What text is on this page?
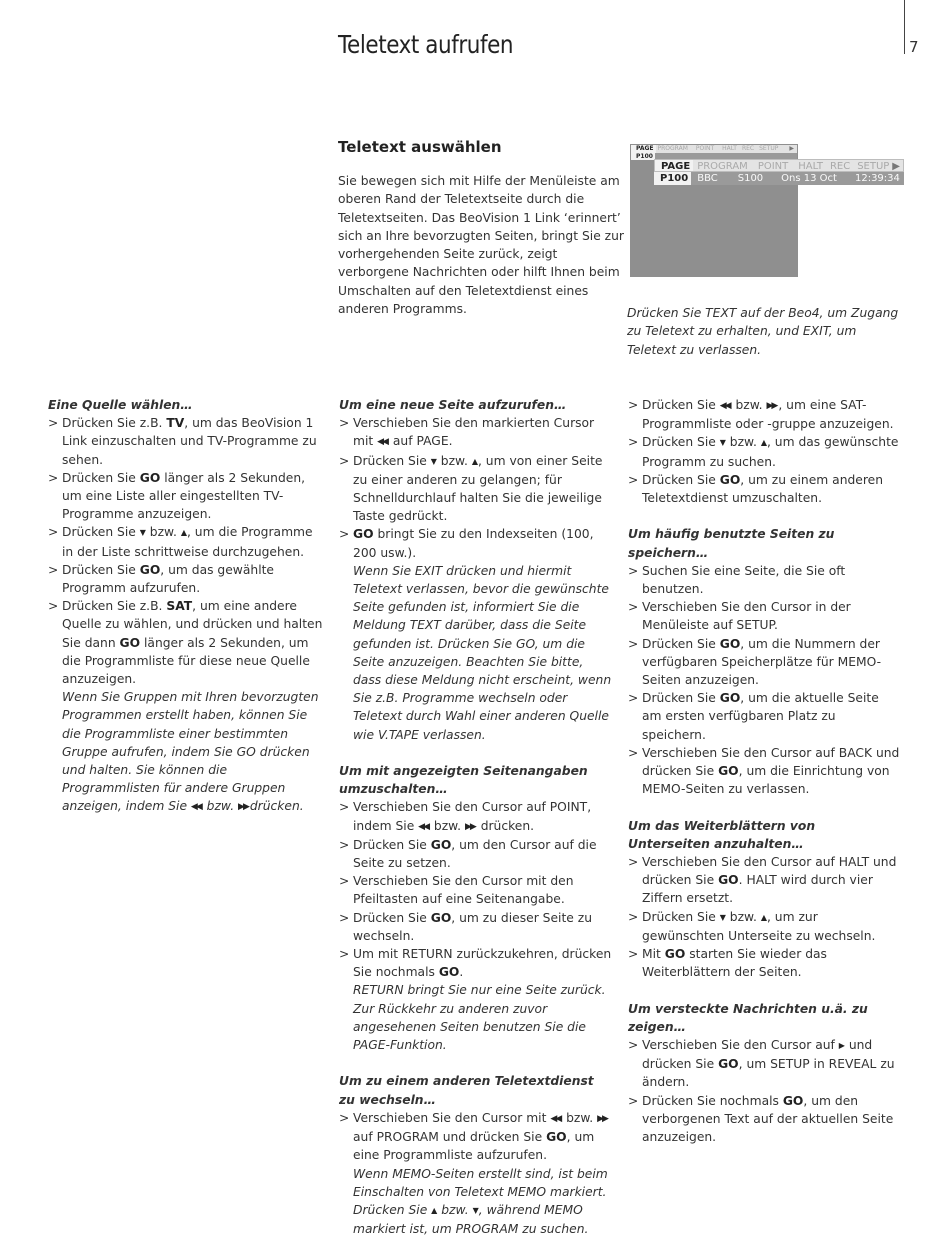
Teletext aufrufen	7
Teletext auswählen
Sie bewegen sich mit Hilfe der Menüleiste am oberen Rand der Teletextseite durch die Teletextseiten. Das BeoVision 1 Link ‘erinnert’ sich an Ihre bevorzugten Seiten, bringt Sie zur vorhergehenden Seite zurück, zeigt verborgene Nachrichten oder hilft Ihnen beim Umschalten auf den Teletextdienst eines anderen Programms.
PAGE PROGRAM POINT HALT REC SETUP ▶
P100
PAGE PROGRAM POINT HALT REC SETUP ▶
P100 BBC S100 Ons 13 Oct 12:39:34
Drücken Sie TEXT auf der Beo4, um Zugang zu Teletext zu erhalten, und EXIT, um Teletext zu verlassen.
Eine Quelle wählen…
> Drücken Sie z.B. TV, um das BeoVision 1 Link einzuschalten und TV-Programme zu sehen.
> Drücken Sie GO länger als 2 Sekunden, um eine Liste aller eingestellten TV-Programme anzuzeigen.
> Drücken Sie ▼ bzw. ▲, um die Programme in der Liste schrittweise durchzugehen.
> Drücken Sie GO, um das gewählte Programm aufzurufen.
> Drücken Sie z.B. SAT, um eine andere Quelle zu wählen, und drücken und halten Sie dann GO länger als 2 Sekunden, um die Programmliste für diese neue Quelle anzuzeigen.
Wenn Sie Gruppen mit Ihren bevorzugten Programmen erstellt haben, können Sie die Programmliste einer bestimmten Gruppe aufrufen, indem Sie GO drücken und halten. Sie können die Programmlisten für andere Gruppen anzeigen, indem Sie ◀◀ bzw. ▶▶ drücken.
Um eine neue Seite aufzurufen…
> Verschieben Sie den markierten Cursor mit ◀◀ auf PAGE.
> Drücken Sie ▼ bzw. ▲, um von einer Seite zu einer anderen zu gelangen; für Schnelldurchlauf halten Sie die jeweilige Taste gedrückt.
> GO bringt Sie zu den Indexseiten (100, 200 usw.).
Wenn Sie EXIT drücken und hiermit Teletext verlassen, bevor die gewünschte Seite gefunden ist, informiert Sie die Meldung TEXT darüber, dass die Seite gefunden ist. Drücken Sie GO, um die Seite anzuzeigen. Beachten Sie bitte, dass diese Meldung nicht erscheint, wenn Sie z.B. Programme wechseln oder Teletext durch Wahl einer anderen Quelle wie V.TAPE verlassen.
Um mit angezeigten Seitenangaben umzuschalten…
> Verschieben Sie den Cursor auf POINT, indem Sie ◀◀ bzw. ▶▶ drücken.
> Drücken Sie GO, um den Cursor auf die Seite zu setzen.
> Verschieben Sie den Cursor mit den Pfeiltasten auf eine Seitenangabe.
> Drücken Sie GO, um zu dieser Seite zu wechseln.
> Um mit RETURN zurückzukehren, drücken Sie nochmals GO.
RETURN bringt Sie nur eine Seite zurück. Zur Rückkehr zu anderen zuvor angesehenen Seiten benutzen Sie die PAGE-Funktion.
Um zu einem anderen Teletextdienst zu wechseln…
> Verschieben Sie den Cursor mit ◀◀ bzw. ▶▶ auf PROGRAM und drücken Sie GO, um eine Programmliste aufzurufen.
Wenn MEMO-Seiten erstellt sind, ist beim Einschalten von Teletext MEMO markiert. Drücken Sie ▲ bzw. ▼, während MEMO markiert ist, um PROGRAM zu suchen.
> Drücken Sie ◀◀ bzw. ▶▶ , um eine SAT-Programmliste oder -gruppe anzuzeigen.
> Drücken Sie ▼ bzw. ▲, um das gewünschte Programm zu suchen.
> Drücken Sie GO, um zu einem anderen Teletextdienst umzuschalten.
Um häufig benutzte Seiten zu speichern…
> Suchen Sie eine Seite, die Sie oft benutzen.
> Verschieben Sie den Cursor in der Menüleiste auf SETUP.
> Drücken Sie GO, um die Nummern der verfügbaren Speicherplätze für MEMO-Seiten anzuzeigen.
> Drücken Sie GO, um die aktuelle Seite am ersten verfügbaren Platz zu speichern.
> Verschieben Sie den Cursor auf BACK und drücken Sie GO, um die Einrichtung von MEMO-Seiten zu verlassen.
Um das Weiterblättern von Unterseiten anzuhalten…
> Verschieben Sie den Cursor auf HALT und drücken Sie GO. HALT wird durch vier Ziffern ersetzt.
> Drücken Sie ▼ bzw. ▲, um zur gewünschten Unterseite zu wechseln.
> Mit GO starten Sie wieder das Weiterblättern der Seiten.
Um versteckte Nachrichten u.ä. zu zeigen…
> Verschieben Sie den Cursor auf ▶ und drücken Sie GO, um SETUP in REVEAL zu ändern.
> Drücken Sie nochmals GO, um den verborgenen Text auf der aktuellen Seite anzuzeigen.
